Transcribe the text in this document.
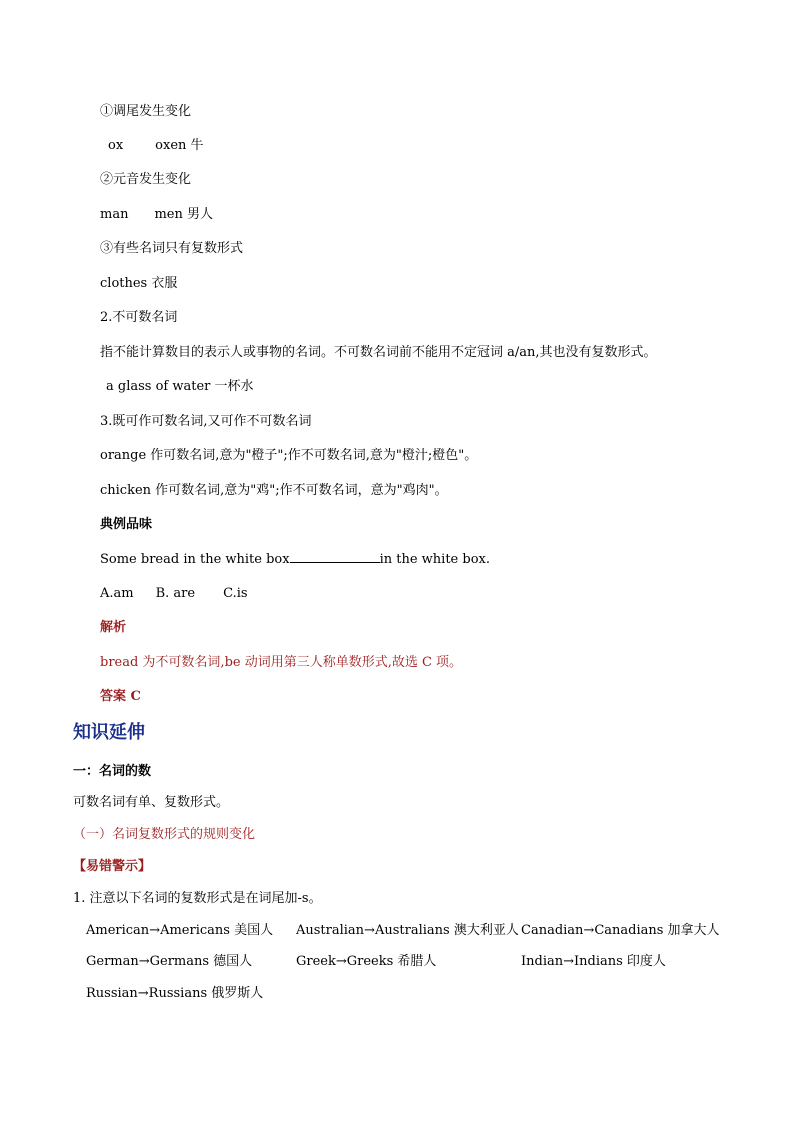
①调尾发生变化
ox oxen 牛
②元音发生变化
man men 男人
③有些名词只有复数形式
clothes 衣服
2.不可数名词
指不能计算数目的表示人或事物的名词。不可数名词前不能用不定冠词 a/an,其也没有复数形式。
a glass of water 一杯水
3.既可作可数名词,又可作不可数名词
orange 作可数名词,意为"橙子";作不可数名词,意为"橙汁;橙色"。
chicken 作可数名词,意为"鸡";作不可数名词，意为"鸡肉"。
典例品味
Some bread in the white box	in the white box.
A.am B. are C.is
解析
bread 为不可数名词,be 动词用第三人称单数形式,故选 C 项。
答案 C
知识延伸
一：名词的数
可数名词有单、复数形式。
（一）名词复数形式的规则变化
【易错警示】
1. 注意以下名词的复数形式是在词尾加-s。
American→Americans 美国人 Australian→Australians 澳大利亚人 Canadian→Canadians 加拿大人
German→Germans 德国人	Greek→Greeks 希腊人	Indian→Indians 印度人
Russian→Russians 俄罗斯人
